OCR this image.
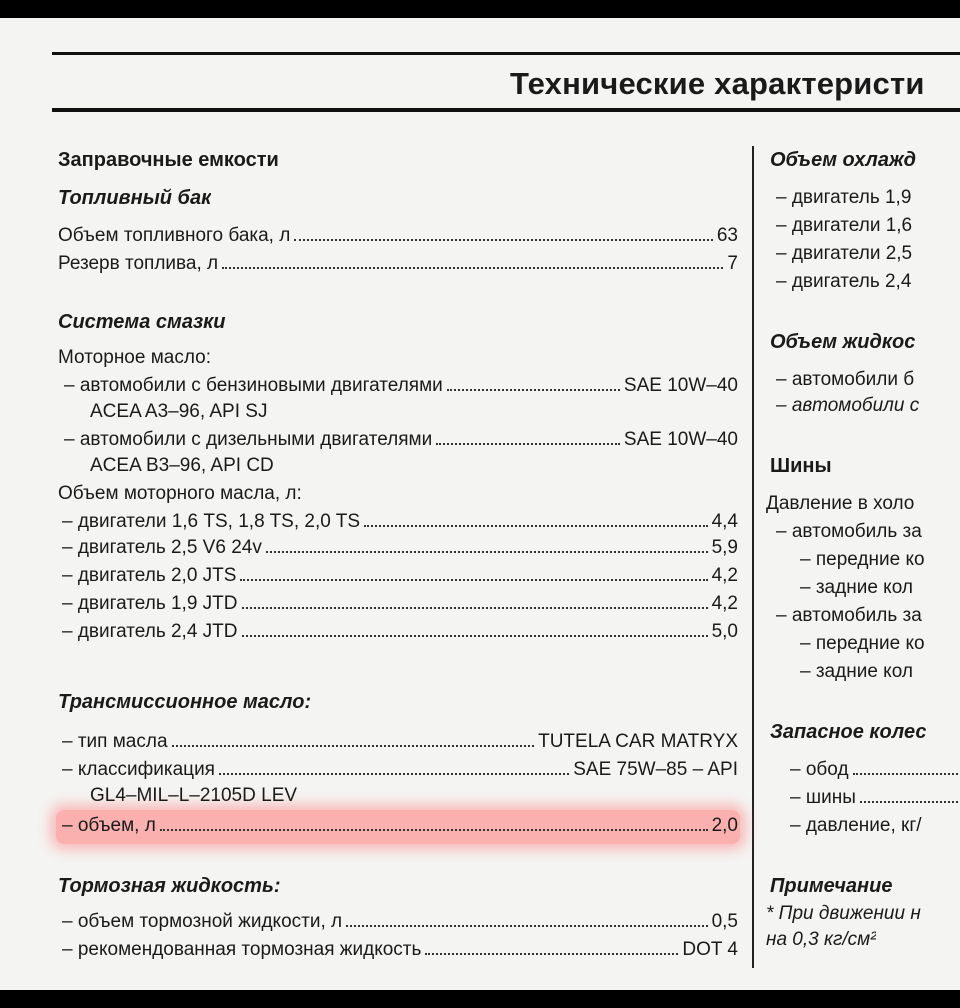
Технические характеристи
Заправочные емкости
Топливный бак
Объем топливного бака, л	63
Резерв топлива, л	7
Система смазки
Моторное масло:
– автомобили с бензиновыми двигателями	SAE 10W–40
ACEA A3–96, API SJ
– автомобили с дизельными двигателями	SAE 10W–40
ACEA B3–96, API CD
Объем моторного масла, л:
– двигатели 1,6 TS, 1,8 TS, 2,0 TS	4,4
– двигатель 2,5 V6 24v	5,9
– двигатель 2,0 JTS	4,2
– двигатель 1,9 JTD	4,2
– двигатель 2,4 JTD	5,0
Трансмиссионное масло:
– тип масла	TUTELA CAR MATRYX
– классификация	SAE 75W–85 – API
GL4–MIL–L–2105D LEV
– объем, л	2,0
Тормозная жидкость:
– объем тормозной жидкости, л	0,5
– рекомендованная тормозная жидкость	DOT 4
Объем охлажд
– двигатель 1,9
– двигатели 1,6
– двигатели 2,5
– двигатель 2,4
Объем жидкос
– автомобили б
– автомобили с
Шины
Давление в холо
– автомобиль за
– передние ко
– задние кол
– автомобиль за
– передние ко
– задние кол
Запасное колес
– обод
– шины
– давление, кг/
Примечание
* При движении н
на 0,3 кг/см²
